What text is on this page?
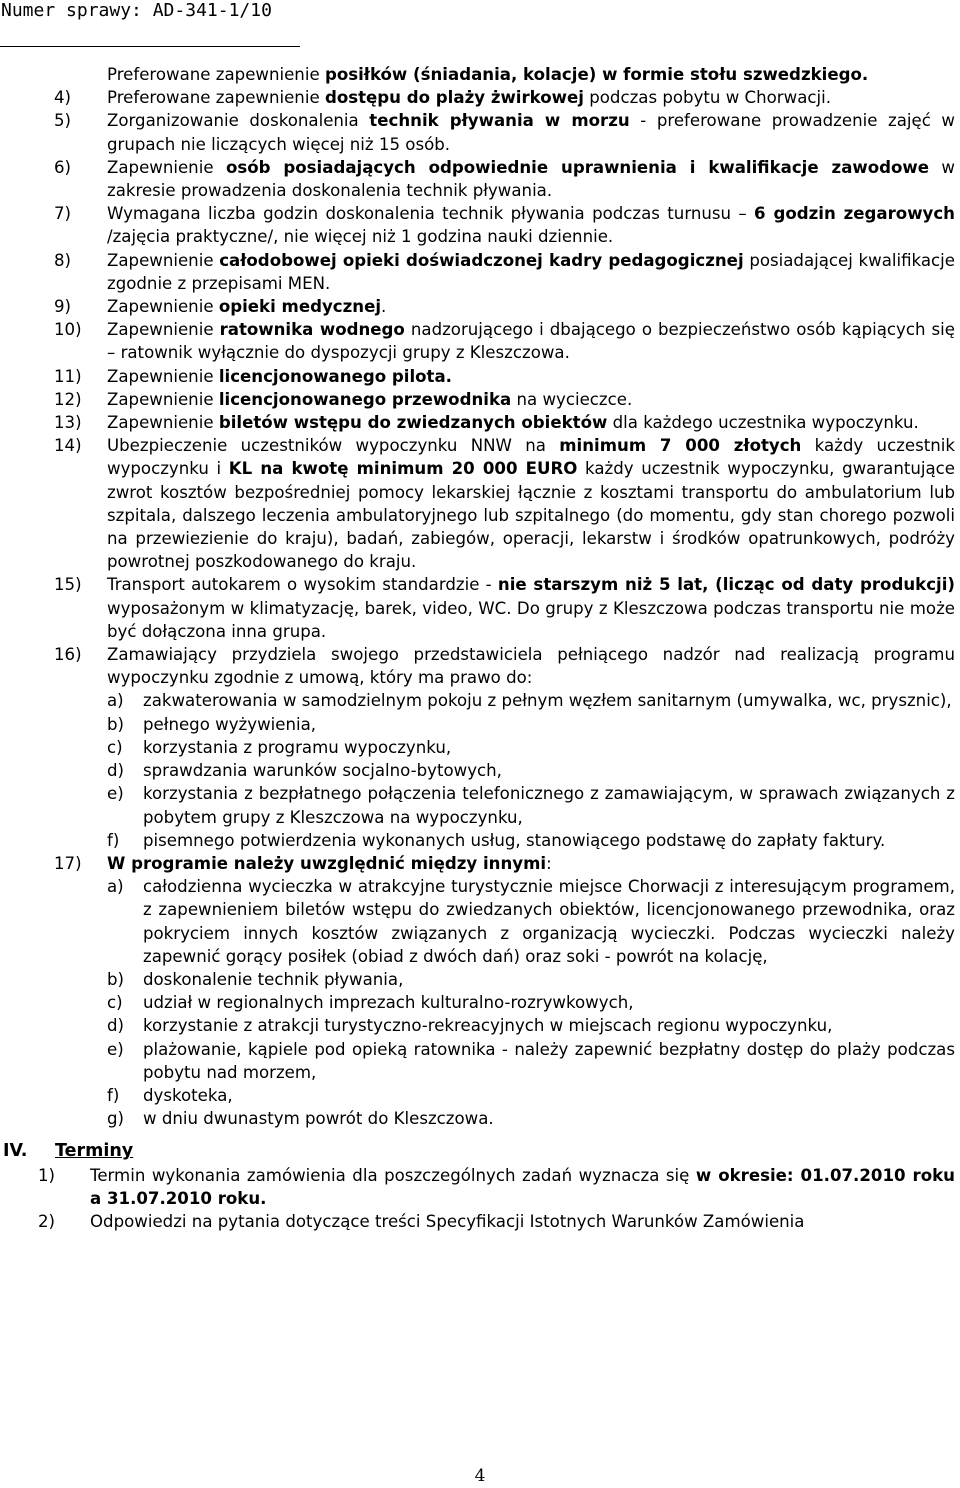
Numer sprawy: AD-341-1/10
Preferowane zapewnienie posiłków (śniadania, kolacje) w formie stołu szwedzkiego.
4) Preferowane zapewnienie dostępu do plaży żwirkowej podczas pobytu w Chorwacji.
5) Zorganizowanie doskonalenia technik pływania w morzu - preferowane prowadzenie zajęć w grupach nie liczących więcej niż 15 osób.
6) Zapewnienie osób posiadających odpowiednie uprawnienia i kwalifikacje zawodowe w zakresie prowadzenia doskonalenia technik pływania.
7) Wymagana liczba godzin doskonalenia technik pływania podczas turnusu – 6 godzin zegarowych /zajęcia praktyczne/, nie więcej niż 1 godzina nauki dziennie.
8) Zapewnienie całodobowej opieki doświadczonej kadry pedagogicznej posiadającej kwalifikacje zgodnie z przepisami MEN.
9) Zapewnienie opieki medycznej.
10) Zapewnienie ratownika wodnego nadzorującego i dbającego o bezpieczeństwo osób kąpiących się – ratownik wyłącznie do dyspozycji grupy z Kleszczowa.
11) Zapewnienie licencjonowanego pilota.
12) Zapewnienie licencjonowanego przewodnika na wycieczce.
13) Zapewnienie biletów wstępu do zwiedzanych obiektów dla każdego uczestnika wypoczynku.
14) Ubezpieczenie uczestników wypoczynku NNW na minimum 7 000 złotych każdy uczestnik wypoczynku i KL na kwotę minimum 20 000 EURO każdy uczestnik wypoczynku, gwarantujące zwrot kosztów bezpośredniej pomocy lekarskiej łącznie z kosztami transportu do ambulatorium lub szpitala, dalszego leczenia ambulatoryjnego lub szpitalnego (do momentu, gdy stan chorego pozwoli na przewiezienie do kraju), badań, zabiegów, operacji, lekarstw i środków opatrunkowych, podróży powrotnej poszkodowanego do kraju.
15) Transport autokarem o wysokim standardzie - nie starszym niż 5 lat, (licząc od daty produkcji) wyposażonym w klimatyzację, barek, video, WC. Do grupy z Kleszczowa podczas transportu nie może być dołączona inna grupa.
16) Zamawiający przydziela swojego przedstawiciela pełniącego nadzór nad realizacją programu wypoczynku zgodnie z umową, który ma prawo do:
a) zakwaterowania w samodzielnym pokoju z pełnym węzłem sanitarnym (umywalka, wc, prysznic),
b) pełnego wyżywienia,
c) korzystania z programu wypoczynku,
d) sprawdzania warunków socjalno-bytowych,
e) korzystania z bezpłatnego połączenia telefonicznego z zamawiającym, w sprawach związanych z pobytem grupy z Kleszczowa na wypoczynku,
f) pisemnego potwierdzenia wykonanych usług, stanowiącego podstawę do zapłaty faktury.
17) W programie należy uwzględnić między innymi:
a) całodzienna wycieczka w atrakcyjne turystycznie miejsce Chorwacji z interesującym programem, z zapewnieniem biletów wstępu do zwiedzanych obiektów, licencjonowanego przewodnika, oraz pokryciem innych kosztów związanych z organizacją wycieczki. Podczas wycieczki należy zapewnić gorący posiłek (obiad z dwóch dań) oraz soki - powrót na kolację,
b) doskonalenie technik pływania,
c) udział w regionalnych imprezach kulturalno-rozrywkowych,
d) korzystanie z atrakcji turystyczno-rekreacyjnych w miejscach regionu wypoczynku,
e) plażowanie, kąpiele pod opieką ratownika - należy zapewnić bezpłatny dostęp do plaży podczas pobytu nad morzem,
f) dyskoteka,
g) w dniu dwunastym powrót do Kleszczowa.
IV. Terminy
1) Termin wykonania zamówienia dla poszczególnych zadań wyznacza się w okresie: 01.07.2010 roku a 31.07.2010 roku.
2) Odpowiedzi na pytania dotyczące treści Specyfikacji Istotnych Warunków Zamówienia
4
